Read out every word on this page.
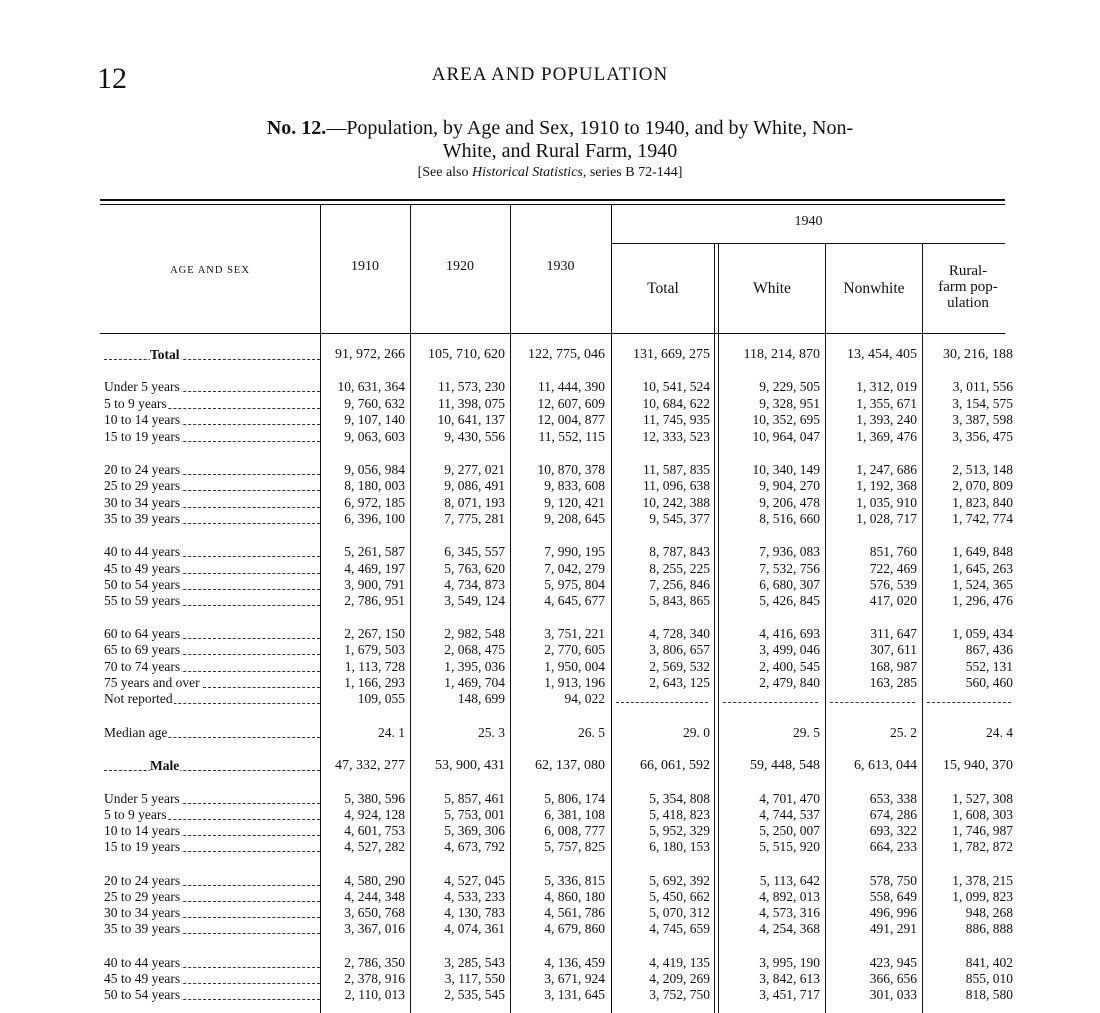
12	AREA AND POPULATION
No. 12.—Population, by Age and Sex, 1910 to 1940, and by White, Non-
White, and Rural Farm, 1940
[See also Historical Statistics, series B 72-144]
AGE AND SEX	1910	1920	1930
1940
Total	White	Nonwhite
Rural-
farm pop-
ulation
Total	91, 972, 266	105, 710, 620	122, 775, 046	131, 669, 275	118, 214, 870	13, 454, 405	30, 216, 188
Under 5 years	10, 631, 364	11, 573, 230	11, 444, 390	10, 541, 524	9, 229, 505	1, 312, 019	3, 011, 556
5 to 9 years	9, 760, 632	11, 398, 075	12, 607, 609	10, 684, 622	9, 328, 951	1, 355, 671	3, 154, 575
10 to 14 years	9, 107, 140	10, 641, 137	12, 004, 877	11, 745, 935	10, 352, 695	1, 393, 240	3, 387, 598
15 to 19 years	9, 063, 603	9, 430, 556	11, 552, 115	12, 333, 523	10, 964, 047	1, 369, 476	3, 356, 475
20 to 24 years	9, 056, 984	9, 277, 021	10, 870, 378	11, 587, 835	10, 340, 149	1, 247, 686	2, 513, 148
25 to 29 years	8, 180, 003	9, 086, 491	9, 833, 608	11, 096, 638	9, 904, 270	1, 192, 368	2, 070, 809
30 to 34 years	6, 972, 185	8, 071, 193	9, 120, 421	10, 242, 388	9, 206, 478	1, 035, 910	1, 823, 840
35 to 39 years	6, 396, 100	7, 775, 281	9, 208, 645	9, 545, 377	8, 516, 660	1, 028, 717	1, 742, 774
40 to 44 years	5, 261, 587	6, 345, 557	7, 990, 195	8, 787, 843	7, 936, 083	851, 760	1, 649, 848
45 to 49 years	4, 469, 197	5, 763, 620	7, 042, 279	8, 255, 225	7, 532, 756	722, 469	1, 645, 263
50 to 54 years	3, 900, 791	4, 734, 873	5, 975, 804	7, 256, 846	6, 680, 307	576, 539	1, 524, 365
55 to 59 years	2, 786, 951	3, 549, 124	4, 645, 677	5, 843, 865	5, 426, 845	417, 020	1, 296, 476
60 to 64 years	2, 267, 150	2, 982, 548	3, 751, 221	4, 728, 340	4, 416, 693	311, 647	1, 059, 434
65 to 69 years	1, 679, 503	2, 068, 475	2, 770, 605	3, 806, 657	3, 499, 046	307, 611	867, 436
70 to 74 years	1, 113, 728	1, 395, 036	1, 950, 004	2, 569, 532	2, 400, 545	168, 987	552, 131
75 years and over	1, 166, 293	1, 469, 704	1, 913, 196	2, 643, 125	2, 479, 840	163, 285	560, 460
Not reported	109, 055	148, 699	94, 022
Median age	24. 1	25. 3	26. 5	29. 0	29. 5	25. 2	24. 4
Male	47, 332, 277	53, 900, 431	62, 137, 080	66, 061, 592	59, 448, 548	6, 613, 044	15, 940, 370
Under 5 years	5, 380, 596	5, 857, 461	5, 806, 174	5, 354, 808	4, 701, 470	653, 338	1, 527, 308
5 to 9 years	4, 924, 128	5, 753, 001	6, 381, 108	5, 418, 823	4, 744, 537	674, 286	1, 608, 303
10 to 14 years	4, 601, 753	5, 369, 306	6, 008, 777	5, 952, 329	5, 250, 007	693, 322	1, 746, 987
15 to 19 years	4, 527, 282	4, 673, 792	5, 757, 825	6, 180, 153	5, 515, 920	664, 233	1, 782, 872
20 to 24 years	4, 580, 290	4, 527, 045	5, 336, 815	5, 692, 392	5, 113, 642	578, 750	1, 378, 215
25 to 29 years	4, 244, 348	4, 533, 233	4, 860, 180	5, 450, 662	4, 892, 013	558, 649	1, 099, 823
30 to 34 years	3, 650, 768	4, 130, 783	4, 561, 786	5, 070, 312	4, 573, 316	496, 996	948, 268
35 to 39 years	3, 367, 016	4, 074, 361	4, 679, 860	4, 745, 659	4, 254, 368	491, 291	886, 888
40 to 44 years	2, 786, 350	3, 285, 543	4, 136, 459	4, 419, 135	3, 995, 190	423, 945	841, 402
45 to 49 years	2, 378, 916	3, 117, 550	3, 671, 924	4, 209, 269	3, 842, 613	366, 656	855, 010
50 to 54 years	2, 110, 013	2, 535, 545	3, 131, 645	3, 752, 750	3, 451, 717	301, 033	818, 580
